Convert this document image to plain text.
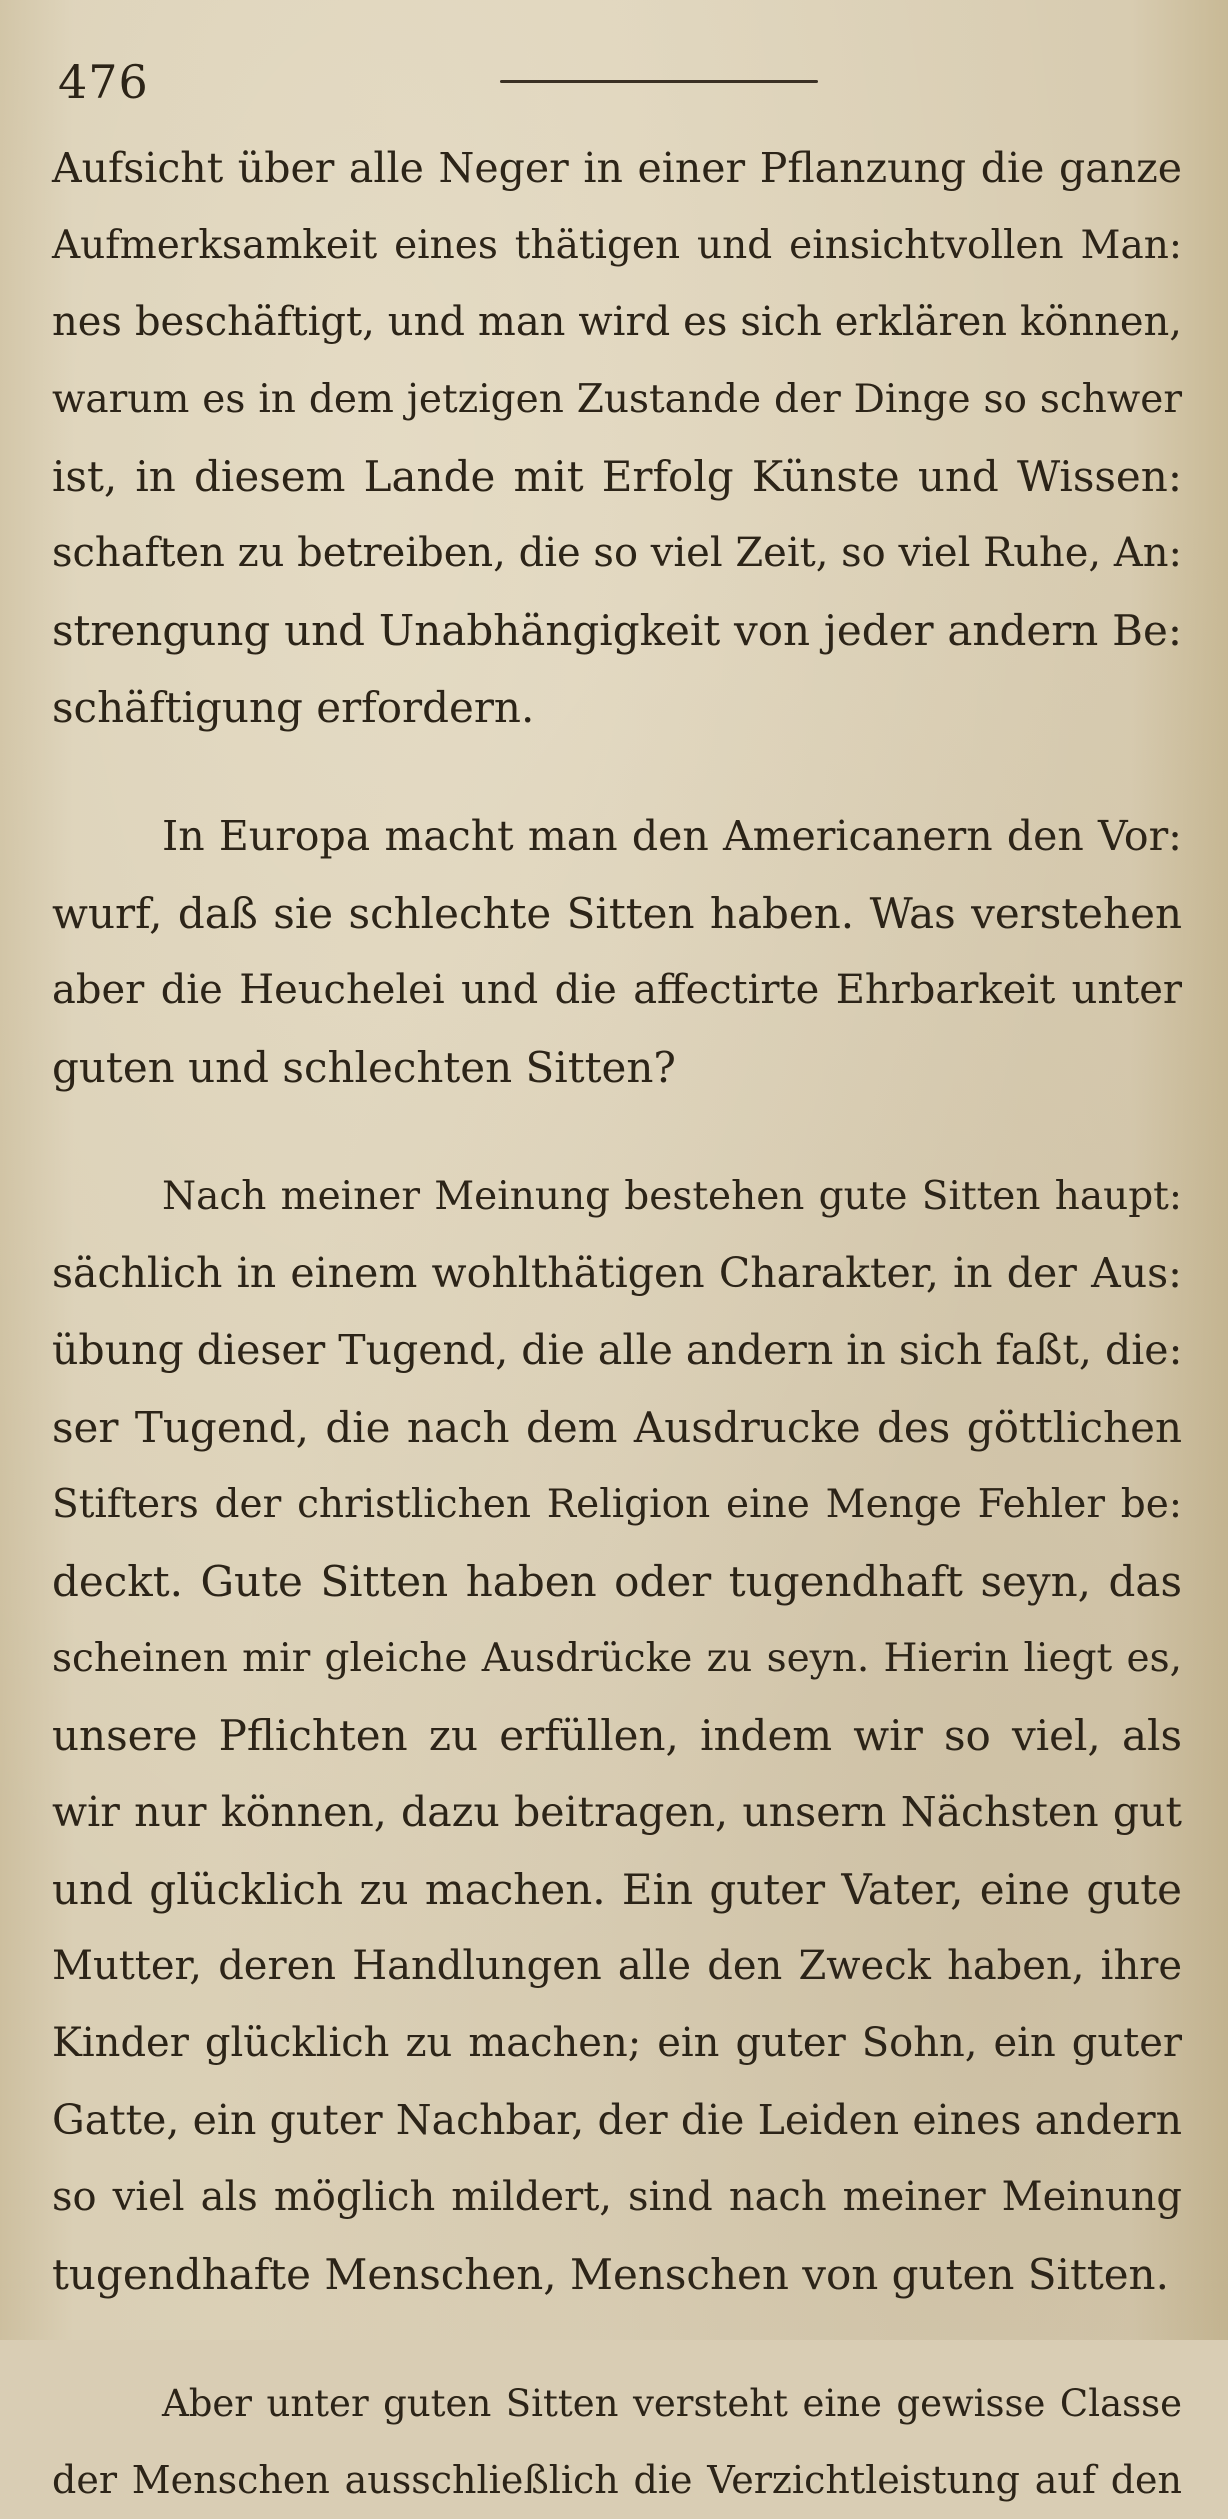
476
Aufsicht über alle Neger in einer Pflanzung die ganze
Aufmerksamkeit eines thätigen und einsichtvollen Man:
nes beschäftigt, und man wird es sich erklären können,
warum es in dem jetzigen Zustande der Dinge so schwer
ist, in diesem Lande mit Erfolg Künste und Wissen:
schaften zu betreiben, die so viel Zeit, so viel Ruhe, An:
strengung und Unabhängigkeit von jeder andern Be:
schäftigung erfordern.
In Europa macht man den Americanern den Vor:
wurf, daß sie schlechte Sitten haben. Was verstehen
aber die Heuchelei und die affectirte Ehrbarkeit unter
guten und schlechten Sitten?
Nach meiner Meinung bestehen gute Sitten haupt:
sächlich in einem wohlthätigen Charakter, in der Aus:
übung dieser Tugend, die alle andern in sich faßt, die:
ser Tugend, die nach dem Ausdrucke des göttlichen
Stifters der christlichen Religion eine Menge Fehler be:
deckt. Gute Sitten haben oder tugendhaft seyn, das
scheinen mir gleiche Ausdrücke zu seyn. Hierin liegt es,
unsere Pflichten zu erfüllen, indem wir so viel, als
wir nur können, dazu beitragen, unsern Nächsten gut
und glücklich zu machen. Ein guter Vater, eine gute
Mutter, deren Handlungen alle den Zweck haben, ihre
Kinder glücklich zu machen; ein guter Sohn, ein guter
Gatte, ein guter Nachbar, der die Leiden eines andern
so viel als möglich mildert, sind nach meiner Meinung
tugendhafte Menschen, Menschen von guten Sitten.
Aber unter guten Sitten versteht eine gewisse Classe
der Menschen ausschließlich die Verzichtleistung auf den
